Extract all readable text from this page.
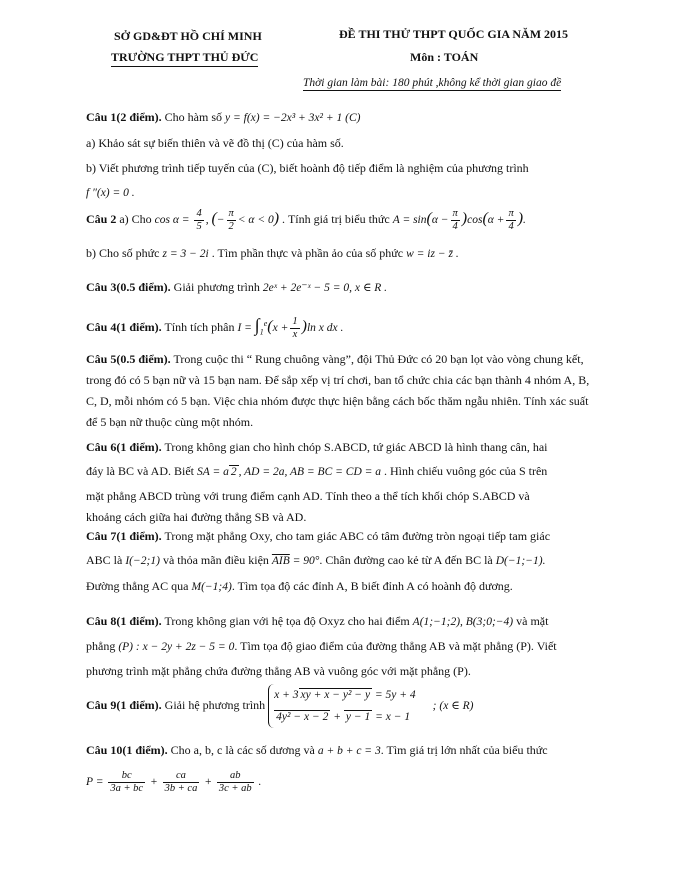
SỞ GD&ĐT HỒ CHÍ MINH
TRƯỜNG THPT THỦ ĐỨC
ĐỀ THI THỬ THPT QUỐC GIA NĂM 2015
Môn : TOÁN
Thời gian làm bài: 180 phút ,không kể thời gian giao đề
Câu 1(2 điểm). Cho hàm số y = f(x) = −2x³ + 3x² + 1 (C)
a) Khảo sát sự biến thiên và vẽ đồ thị (C) của hàm số.
b) Viết phương trình tiếp tuyến của (C), biết hoành độ tiếp điểm là nghiệm của phương trình
f ″(x) = 0 .
Câu 2 a) Cho $\cos \alpha = \frac{4}{5}$ , (− $\frac{\pi}{2} < \alpha < 0$) . Tính giá trị biểu thức $A = \sin(\alpha - \frac{\pi}{4} )\cos(\alpha + \frac{\pi}{4}$ ).
b) Cho số phức z = 3 − 2i . Tìm phần thực và phần ảo của số phức w = iz − z̄ .
Câu 3(0.5 điểm). Giải phương trình 2eˣ + 2e⁻ˣ − 5 = 0, x ∈ R .
Câu 4(1 điểm). Tính tích phân $I = \int_1^e(x + \frac{1}{x} )\ln$ x dx .
Câu 5(0.5 điểm). Trong cuộc thi “ Rung chuông vàng”, đội Thủ Đức có 20 bạn lọt vào vòng chung kết, trong đó có 5 bạn nữ và 15 bạn nam. Để sắp xếp vị trí chơi, ban tổ chức chia các bạn thành 4 nhóm A, B, C, D, mỗi nhóm có 5 bạn. Việc chia nhóm được thực hiện bằng cách bốc thăm ngẫu nhiên. Tính xác suất để 5 bạn nữ thuộc cùng một nhóm.
Câu 6(1 điểm). Trong không gian cho hình chóp S.ABCD, tứ giác ABCD là hình thang cân, hai
đáy là BC và AD. Biết SA = a 2 , AD = 2a, AB = BC = CD = a . Hình chiếu vuông góc của S trên
mặt phẳng ABCD trùng với trung điểm cạnh AD. Tính theo a thể tích khối chóp S.ABCD và
khoảng cách giữa hai đường thẳng SB và AD.
Câu 7(1 điểm). Trong mặt phẳng Oxy, cho tam giác ABC có tâm đường tròn ngoại tiếp tam giác
ABC là I(−2;1) và thỏa mãn điều kiện $\overline{AIB} = 90^\circ$. Chân đường cao kẻ từ A đến BC là D(−1;−1).
Đường thẳng AC qua M(−1;4). Tìm tọa độ các đỉnh A, B biết đỉnh A có hoành độ dương.
Câu 8(1 điểm). Trong không gian với hệ tọa độ Oxyz cho hai điểm A(1;−1;2), B(3;0;−4) và mặt
phẳng (P) : x − 2y + 2z − 5 = 0. Tìm tọa độ giao điểm của đường thẳng AB và mặt phẳng (P). Viết
phương trình mặt phẳng chứa đường thẳng AB và vuông góc với mặt phẳng (P).
Câu 9(1 điểm). Giải hệ phương trình
x + 3 xy + x − y² − y = 5y + 4
4y² − x − 2 + y − 1 = x − 1
; (x ∈ R)
Câu 10(1 điểm). Cho a, b, c là các số dương và a + b + c = 3. Tìm giá trị lớn nhất của biểu thức
$P = \frac{bc}{3a + bc} + \frac{ca}{3b + ca} + \frac{ab}{3c + ab}$ .
